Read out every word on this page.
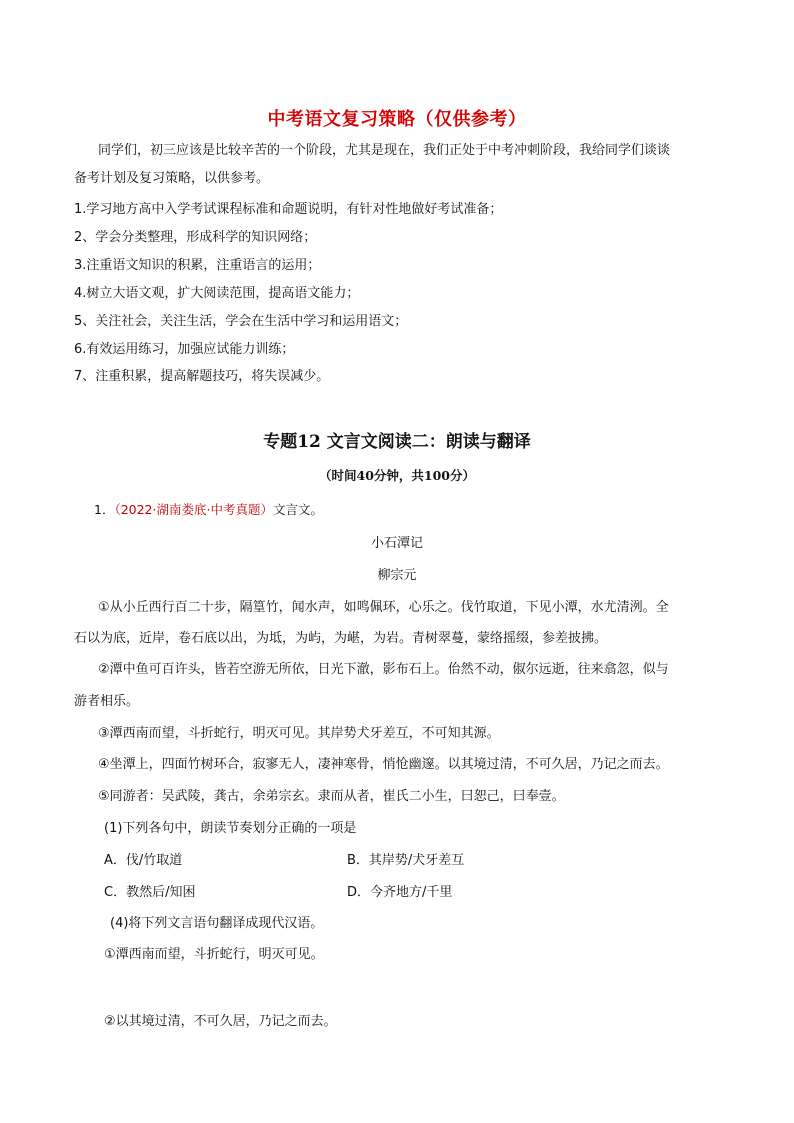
中考语文复习策略（仅供参考）
同学们，初三应该是比较辛苦的一个阶段，尤其是现在，我们正处于中考冲刺阶段，我给同学们谈谈
备考计划及复习策略，以供参考。
1.学习地方高中入学考试课程标准和命题说明，有针对性地做好考试准备；
2、学会分类整理，形成科学的知识网络；
3.注重语文知识的积累，注重语言的运用；
4.树立大语文观，扩大阅读范围，提高语文能力；
5、关注社会，关注生活，学会在生活中学习和运用语文；
6.有效运用练习，加强应试能力训练；
7、注重积累，提高解题技巧，将失误减少。
专题12 文言文阅读二：朗读与翻译
（时间40分钟，共100分）
1．（2022·湖南娄底·中考真题）文言文。
小石潭记
柳宗元
①从小丘西行百二十步，隔篁竹，闻水声，如鸣佩环，心乐之。伐竹取道，下见小潭，水尤清洌。全
石以为底，近岸，卷石底以出，为坻，为屿，为嵁，为岩。青树翠蔓，蒙络摇缀，参差披拂。
②潭中鱼可百许头，皆若空游无所依，日光下澈，影布石上。佁然不动，俶尔远逝，往来翕忽，似与
游者相乐。
③潭西南而望，斗折蛇行，明灭可见。其岸势犬牙差互，不可知其源。
④坐潭上，四面竹树环合，寂寥无人，凄神寒骨，悄怆幽邃。以其境过清，不可久居，乃记之而去。
⑤同游者：吴武陵，龚古，余弟宗玄。隶而从者，崔氏二小生，曰恕己，曰奉壹。
(1)下列各句中，朗读节奏划分正确的一项是
A．伐/竹取道	B．其岸势/犬牙差互
C．教然后/知困	D．今齐地方/千里
(4)将下列文言语句翻译成现代汉语。
①潭西南而望，斗折蛇行，明灭可见。
②以其境过清，不可久居，乃记之而去。
